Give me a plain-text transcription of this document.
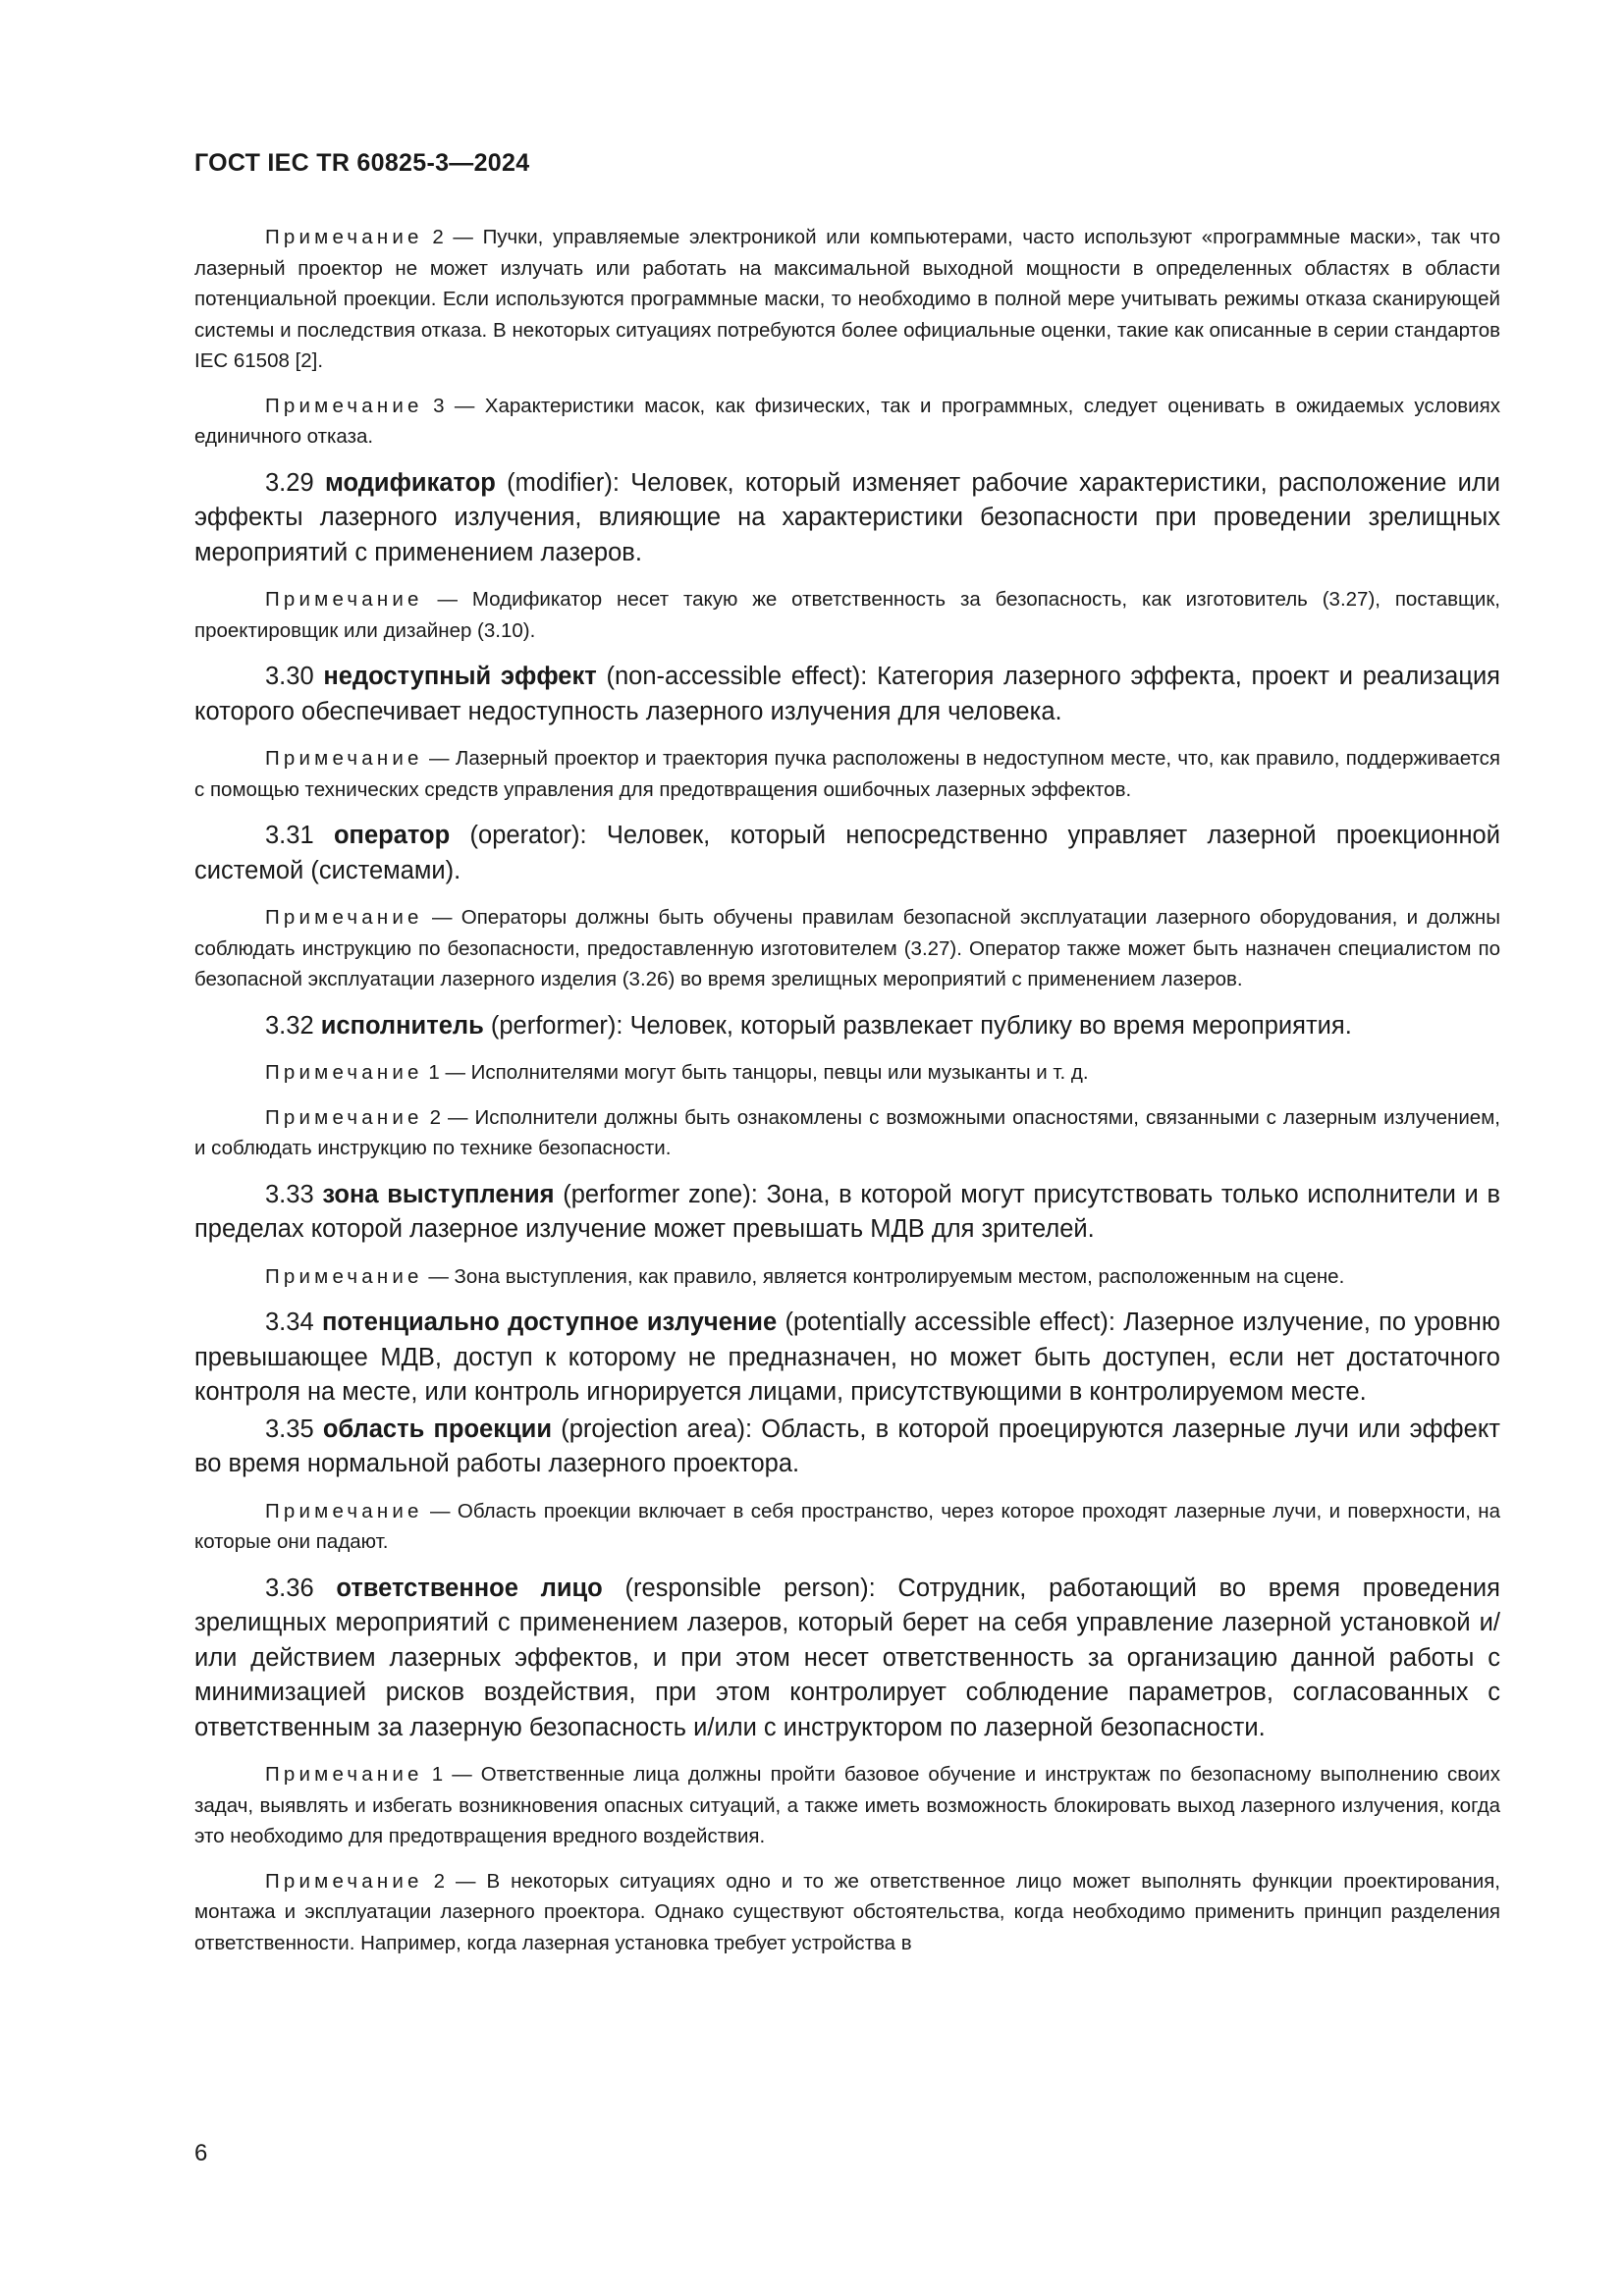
ГОСТ IEC TR 60825-3—2024

Примечание 2 — Пучки, управляемые электроникой или компьютерами, часто используют «программные маски», так что лазерный проектор не может излучать или работать на максимальной выходной мощности в определенных областях в области потенциальной проекции. Если используются программные маски, то необходимо в полной мере учитывать режимы отказа сканирующей системы и последствия отказа. В некоторых ситуациях потребуются более официальные оценки, такие как описанные в серии стандартов IEC 61508 [2].

Примечание 3 — Характеристики масок, как физических, так и программных, следует оценивать в ожидаемых условиях единичного отказа.

3.29 модификатор (modifier): Человек, который изменяет рабочие характеристики, расположение или эффекты лазерного излучения, влияющие на характеристики безопасности при проведении зрелищных мероприятий с применением лазеров.

Примечание — Модификатор несет такую же ответственность за безопасность, как изготовитель (3.27), поставщик, проектировщик или дизайнер (3.10).

3.30 недоступный эффект (non-accessible effect): Категория лазерного эффекта, проект и реализация которого обеспечивает недоступность лазерного излучения для человека.

Примечание — Лазерный проектор и траектория пучка расположены в недоступном месте, что, как правило, поддерживается с помощью технических средств управления для предотвращения ошибочных лазерных эффектов.

3.31 оператор (operator): Человек, который непосредственно управляет лазерной проекционной системой (системами).

Примечание — Операторы должны быть обучены правилам безопасной эксплуатации лазерного оборудования, и должны соблюдать инструкцию по безопасности, предоставленную изготовителем (3.27). Оператор также может быть назначен специалистом по безопасной эксплуатации лазерного изделия (3.26) во время зрелищных мероприятий с применением лазеров.

3.32 исполнитель (performer): Человек, который развлекает публику во время мероприятия.

Примечание 1 — Исполнителями могут быть танцоры, певцы или музыканты и т. д.

Примечание 2 — Исполнители должны быть ознакомлены с возможными опасностями, связанными с лазерным излучением, и соблюдать инструкцию по технике безопасности.

3.33 зона выступления (performer zone): Зона, в которой могут присутствовать только исполнители и в пределах которой лазерное излучение может превышать МДВ для зрителей.

Примечание — Зона выступления, как правило, является контролируемым местом, расположенным на сцене.

3.34 потенциально доступное излучение (potentially accessible effect): Лазерное излучение, по уровню превышающее МДВ, доступ к которому не предназначен, но может быть доступен, если нет достаточного контроля на месте, или контроль игнорируется лицами, присутствующими в контролируемом месте.

3.35 область проекции (projection area): Область, в которой проецируются лазерные лучи или эффект во время нормальной работы лазерного проектора.

Примечание — Область проекции включает в себя пространство, через которое проходят лазерные лучи, и поверхности, на которые они падают.

3.36 ответственное лицо (responsible person): Сотрудник, работающий во время проведения зрелищных мероприятий с применением лазеров, который берет на себя управление лазерной установкой и/или действием лазерных эффектов, и при этом несет ответственность за организацию данной работы с минимизацией рисков воздействия, при этом контролирует соблюдение параметров, согласованных с ответственным за лазерную безопасность и/или с инструктором по лазерной безопасности.

Примечание 1 — Ответственные лица должны пройти базовое обучение и инструктаж по безопасному выполнению своих задач, выявлять и избегать возникновения опасных ситуаций, а также иметь возможность блокировать выход лазерного излучения, когда это необходимо для предотвращения вредного воздействия.

Примечание 2 — В некоторых ситуациях одно и то же ответственное лицо может выполнять функции проектирования, монтажа и эксплуатации лазерного проектора. Однако существуют обстоятельства, когда необходимо применить принцип разделения ответственности. Например, когда лазерная установка требует устройства в

6
